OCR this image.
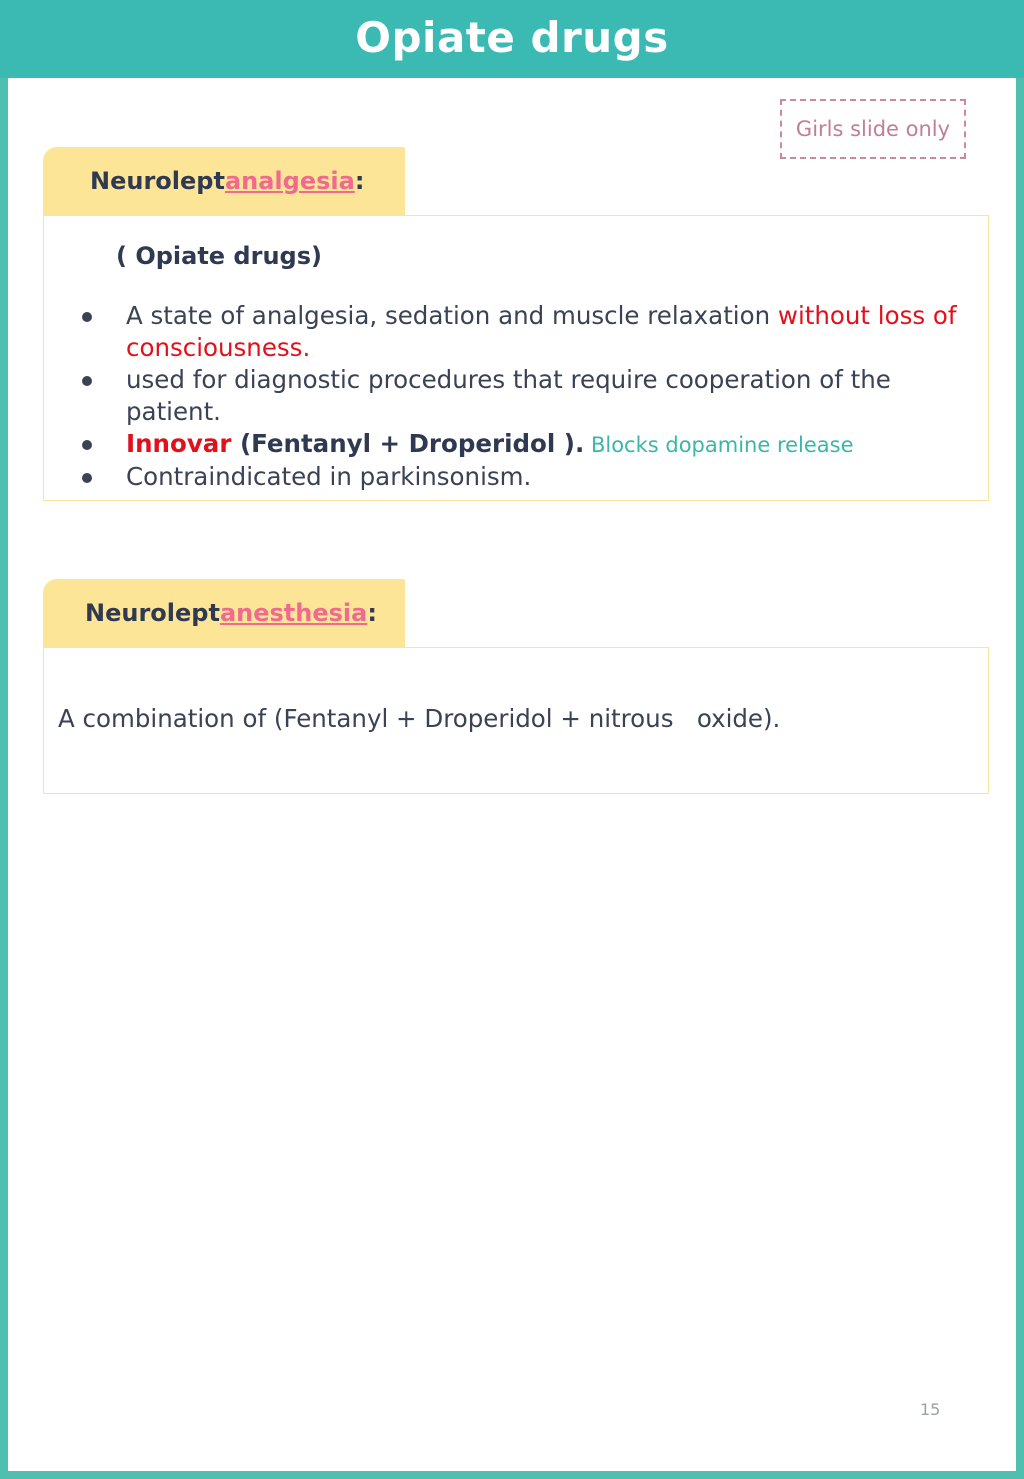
Opiate drugs
Girls slide only
Neurolept analgesia :
( Opiate drugs)
A state of analgesia, sedation and muscle relaxation without loss of consciousness.
used for diagnostic procedures that require cooperation of the patient.
Innovar (Fentanyl + Droperidol ). Blocks dopamine release
Contraindicated in parkinsonism.
Neurolept anesthesia :
A combination of (Fentanyl + Droperidol + nitrous   oxide).
15
